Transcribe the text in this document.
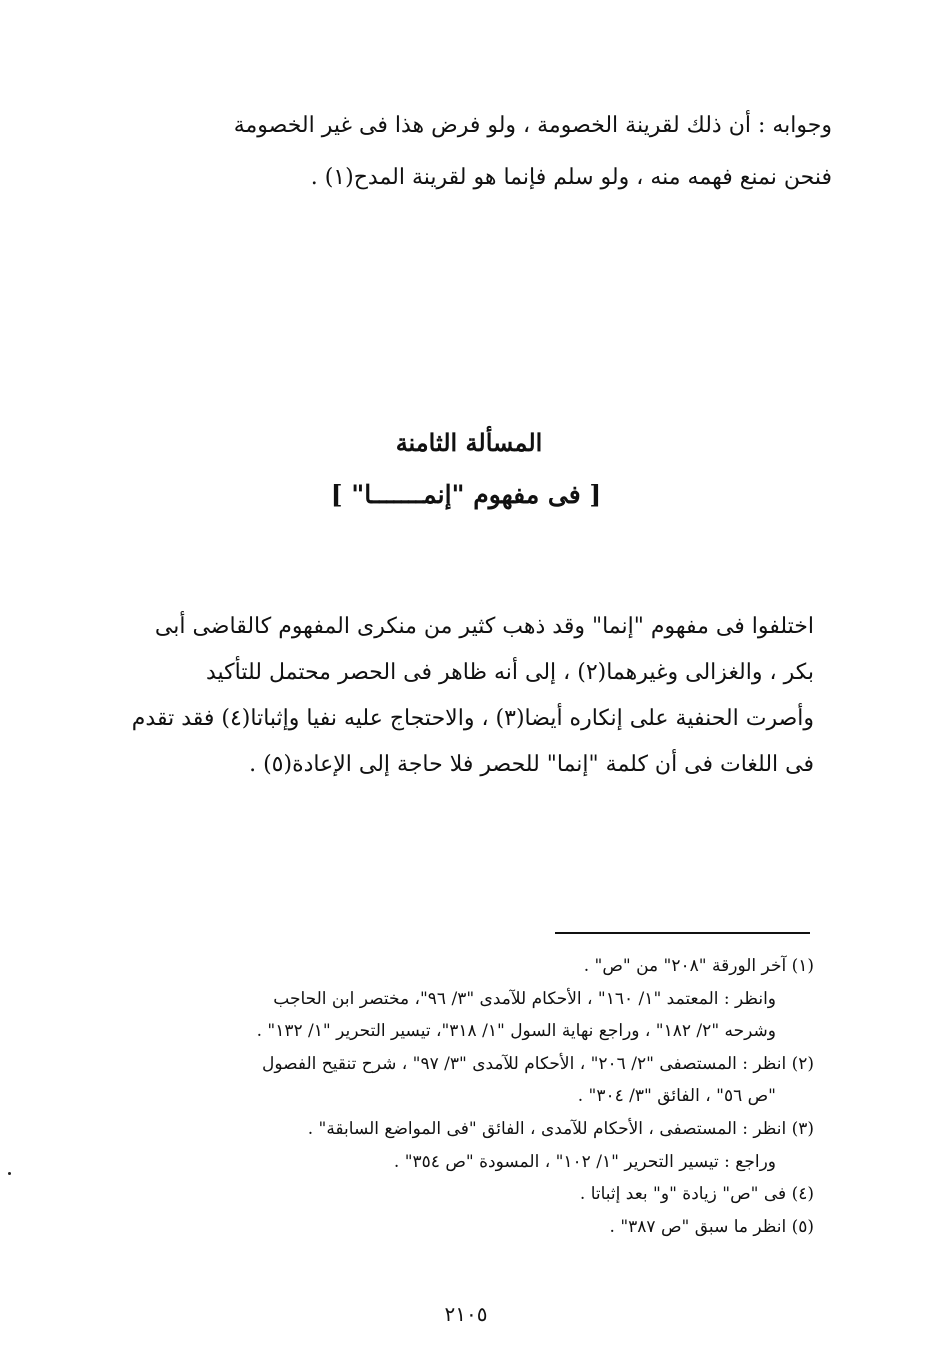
وجوابه : أن ذلك لقرينة الخصومة ، ولو فرض هذا فى غير الخصومة
فنحن نمنع فهمه منه ، ولو سلم فإنما هو لقرينة المدح(١) .
المسألة الثامنة
[ فى مفهوم "إنمـــــــا" ]
اختلفوا فى مفهوم "إنما" وقد ذهب كثير من منكرى المفهوم كالقاضى أبى
بكر ، والغزالى وغيرهما(٢) ، إلى أنه ظاهر فى الحصر محتمل للتأكيد
وأصرت الحنفية على إنكاره أيضا(٣) ، والاحتجاج عليه نفيا وإثباتا(٤) فقد تقدم
فى اللغات فى أن كلمة "إنما" للحصر فلا حاجة إلى الإعادة(٥) .
(١) آخر الورقة "٢٠٨" من "ص" .
وانظر : المعتمد "١/ ١٦٠" ، الأحكام للآمدى "٣/ ٩٦"، مختصر ابن الحاجب
وشرحه "٢/ ١٨٢" ، وراجع نهاية السول "١/ ٣١٨"، تيسير التحرير "١/ ١٣٢" .
(٢) انظر : المستصفى "٢/ ٢٠٦" ، الأحكام للآمدى "٣/ ٩٧" ، شرح تنقيح الفصول
"ص ٥٦" ، الفائق "٣/ ٣٠٤" .
(٣) انظر : المستصفى ، الأحكام للآمدى ، الفائق "فى المواضع السابقة" .
وراجع : تيسير التحرير "١/ ١٠٢" ، المسودة "ص ٣٥٤" .
(٤) فى "ص" زيادة "و" بعد إثباتا .
(٥) انظر ما سبق "ص ٣٨٧" .
٢١٠٥
